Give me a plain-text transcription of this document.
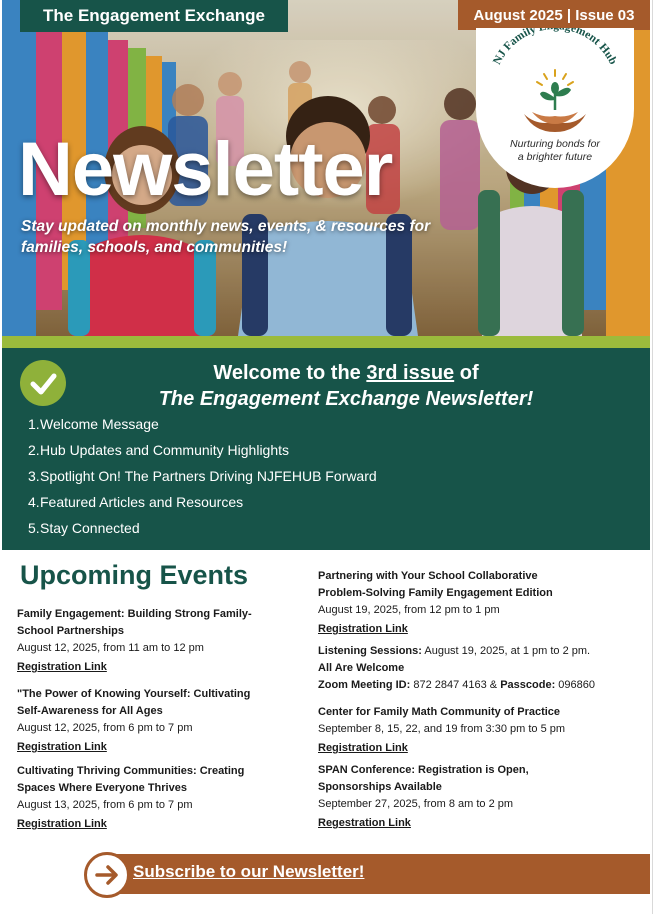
The Engagement Exchange	August 2025 | Issue 03
NJ Family ement Hub
Nurturing bonds for
a brighter future
Newsletter
Stay updated on monthly news, events, & resources for families, schools, and communities!
Welcome to the 3rd issue of
The Engagement Exchange Newsletter!
1.Welcome Message
2.Hub Updates and Community Highlights
3.Spotlight On! The Partners Driving NJFEHUB Forward
4.Featured Articles and Resources
5.Stay Connected
Upcoming Events
Family Engagement: Building Strong Family-
School Partnerships
August 12, 2025, from 11 am to 12 pm
Registration Link
"The Power of Knowing Yourself: Cultivating
Self-Awareness for All Ages
August 12, 2025, from 6 pm to 7 pm
Registration Link
Cultivating Thriving Communities: Creating
Spaces Where Everyone Thrives
August 13, 2025, from 6 pm to 7 pm
Registration Link
Partnering with Your School Collaborative
Problem-Solving Family Engagement Edition
August 19, 2025, from 12 pm to 1 pm
Registration Link
Listening Sessions: August 19, 2025, at 1 pm to 2 pm.
All Are Welcome
Zoom Meeting ID: 872 2847 4163 & Passcode: 096860
Center for Family Math Community of Practice
September 8, 15, 22, and 19 from 3:30 pm to 5 pm
Registration Link
SPAN Conference: Registration is Open,
Sponsorships Available
September 27, 2025, from 8 am to 2 pm
Regestration Link
Subscribe to our Newsletter!
